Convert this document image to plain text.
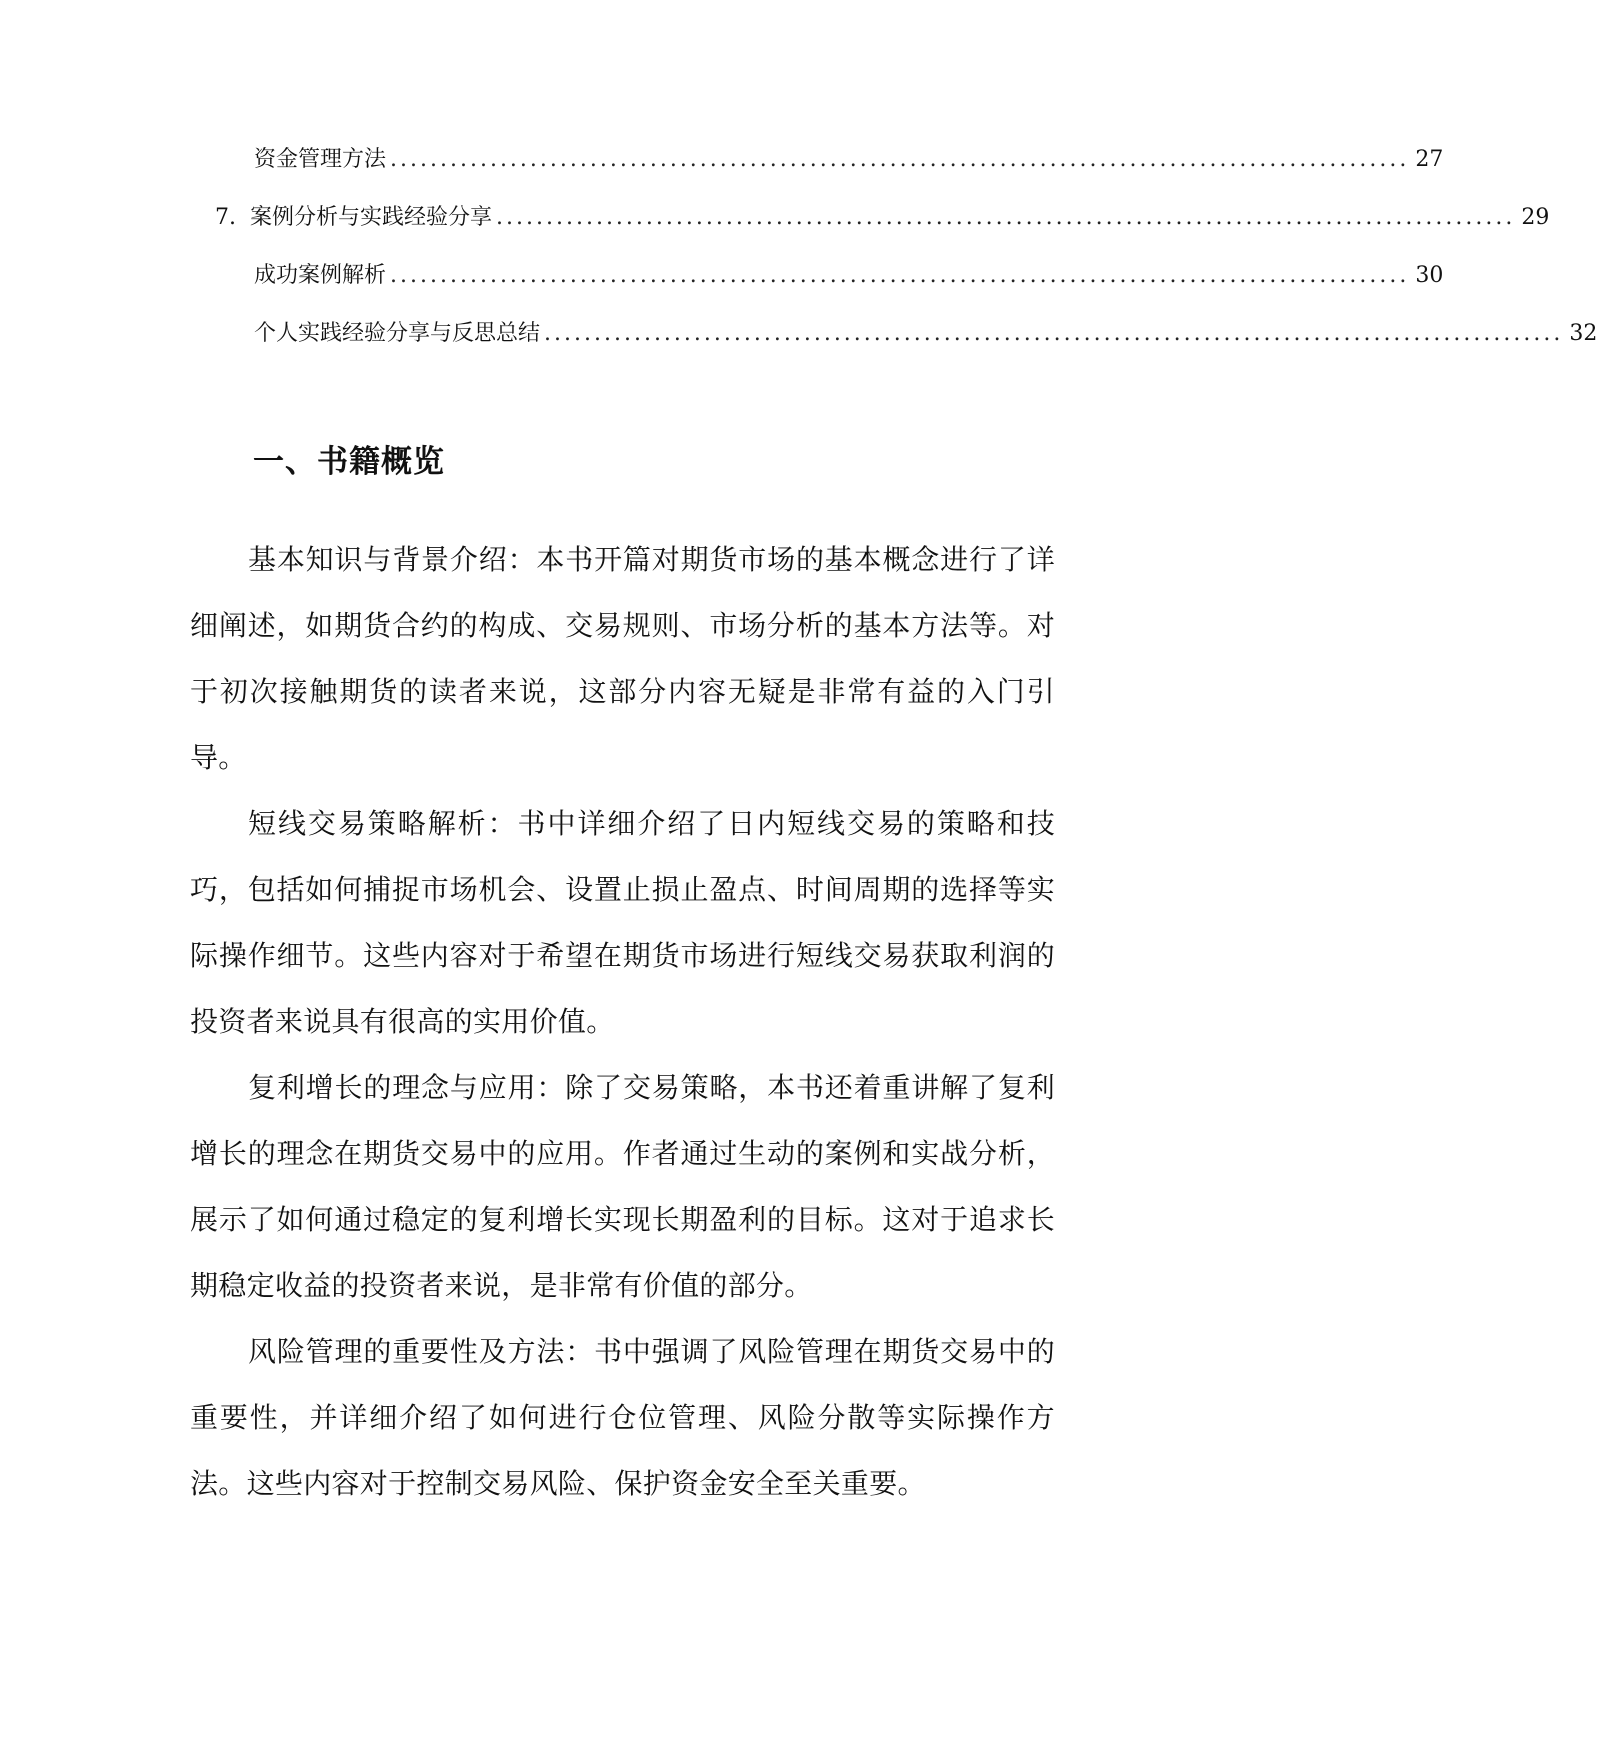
资金管理方法 ...................................................................................................... 27
7. 案例分析与实践经验分享 ...................................................................................................... 29
成功案例解析 ...................................................................................................... 30
个人实践经验分享与反思总结 ...................................................................................................... 32
一、书籍概览

基本知识与背景介绍：本书开篇对期货市场的基本概念进行了详细阐述，如期货合约的构成、交易规则、市场分析的基本方法等。对于初次接触期货的读者来说，这部分内容无疑是非常有益的入门引导。

短线交易策略解析：书中详细介绍了日内短线交易的策略和技巧，包括如何捕捉市场机会、设置止损止盈点、时间周期的选择等实际操作细节。这些内容对于希望在期货市场进行短线交易获取利润的投资者来说具有很高的实用价值。

复利增长的理念与应用：除了交易策略，本书还着重讲解了复利增长的理念在期货交易中的应用。作者通过生动的案例和实战分析，展示了如何通过稳定的复利增长实现长期盈利的目标。这对于追求长期稳定收益的投资者来说，是非常有价值的部分。

风险管理的重要性及方法：书中强调了风险管理在期货交易中的重要性，并详细介绍了如何进行仓位管理、风险分散等实际操作方法。这些内容对于控制交易风险、保护资金安全至关重要。
